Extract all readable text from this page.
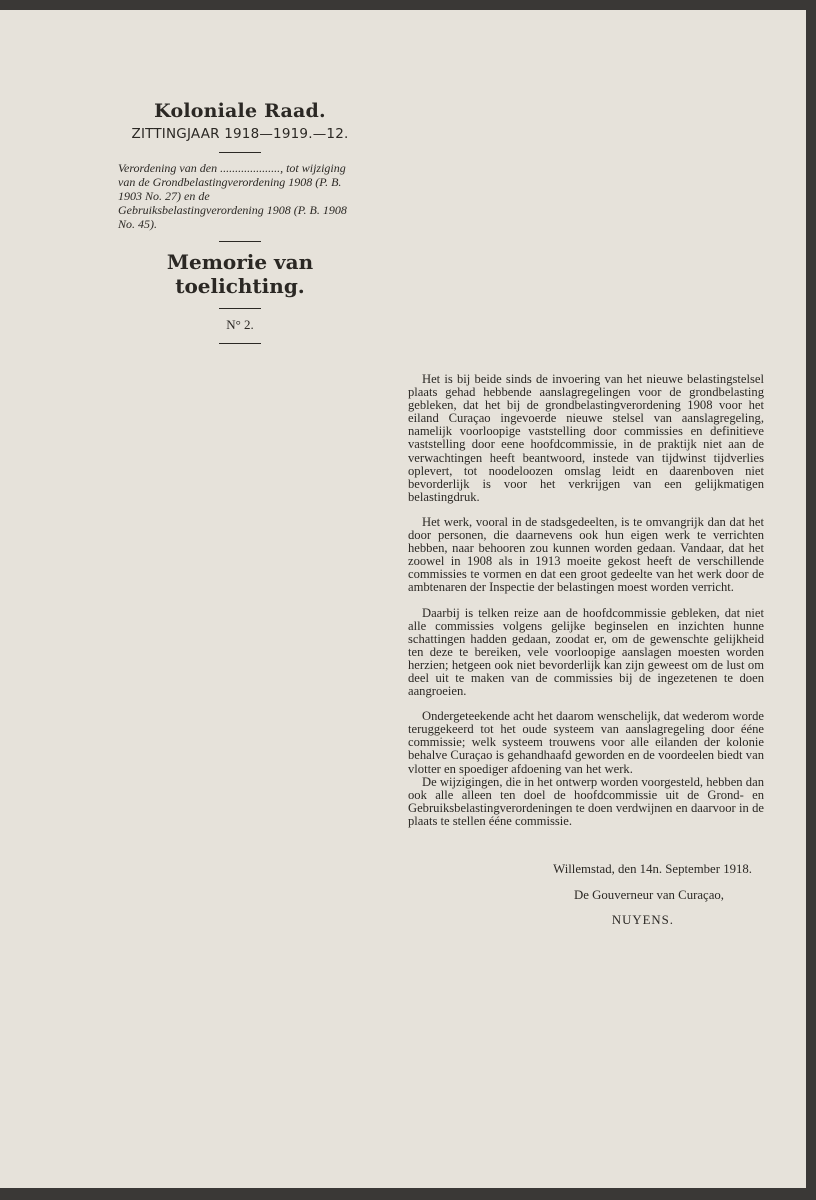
Koloniale Raad.
ZITTINGJAAR 1918—1919.—12.

Verordening van den ...................., tot wijziging van de Grondbelastingverordening 1908 (P. B. 1903 No. 27) en de Gebruiksbelastingverordening 1908 (P. B. 1908 No. 45).

Memorie van toelichting.
N° 2.

Het is bij beide sinds de invoering van het nieuwe belastingstelsel plaats gehad hebbende aanslagregelingen voor de grondbelasting gebleken, dat het bij de grondbelastingverordening 1908 voor het eiland Curaçao ingevoerde nieuwe stelsel van aanslagregeling, namelijk voorloopige vaststelling door commissies en definitieve vaststelling door eene hoofdcommissie, in de praktijk niet aan de verwachtingen heeft beantwoord, instede van tijdwinst tijdverlies oplevert, tot noodeloozen omslag leidt en daarenboven niet bevorderlijk is voor het verkrijgen van een gelijkmatigen belastingdruk.

Het werk, vooral in de stadsgedeelten, is te omvangrijk dan dat het door personen, die daarnevens ook hun eigen werk te verrichten hebben, naar behooren zou kunnen worden gedaan. Vandaar, dat het zoowel in 1908 als in 1913 moeite gekost heeft de verschillende commissies te vormen en dat een groot gedeelte van het werk door de ambtenaren der Inspectie der belastingen moest worden verricht.

Daarbij is telken reize aan de hoofdcommissie gebleken, dat niet alle commissies volgens gelijke beginselen en inzichten hunne schattingen hadden gedaan, zoodat er, om de gewenschte gelijkheid ten deze te bereiken, vele voorloopige aanslagen moesten worden herzien; hetgeen ook niet bevorderlijk kan zijn geweest om de lust om deel uit te maken van de commissies bij de ingezetenen te doen aangroeien.

Ondergeteekende acht het daarom wenschelijk, dat wederom worde teruggekeerd tot het oude systeem van aanslagregeling door ééne commissie; welk systeem trouwens voor alle eilanden der kolonie behalve Curaçao is gehandhaafd geworden en de voordeelen biedt van vlotter en spoediger afdoening van het werk.

De wijzigingen, die in het ontwerp worden voorgesteld, hebben dan ook alle alleen ten doel de hoofdcommissie uit de Grond- en Gebruiksbelastingverordeningen te doen verdwijnen en daarvoor in de plaats te stellen ééne commissie.

Willemstad, den 14n. September 1918.
De Gouverneur van Curaçao,
NUYENS.
